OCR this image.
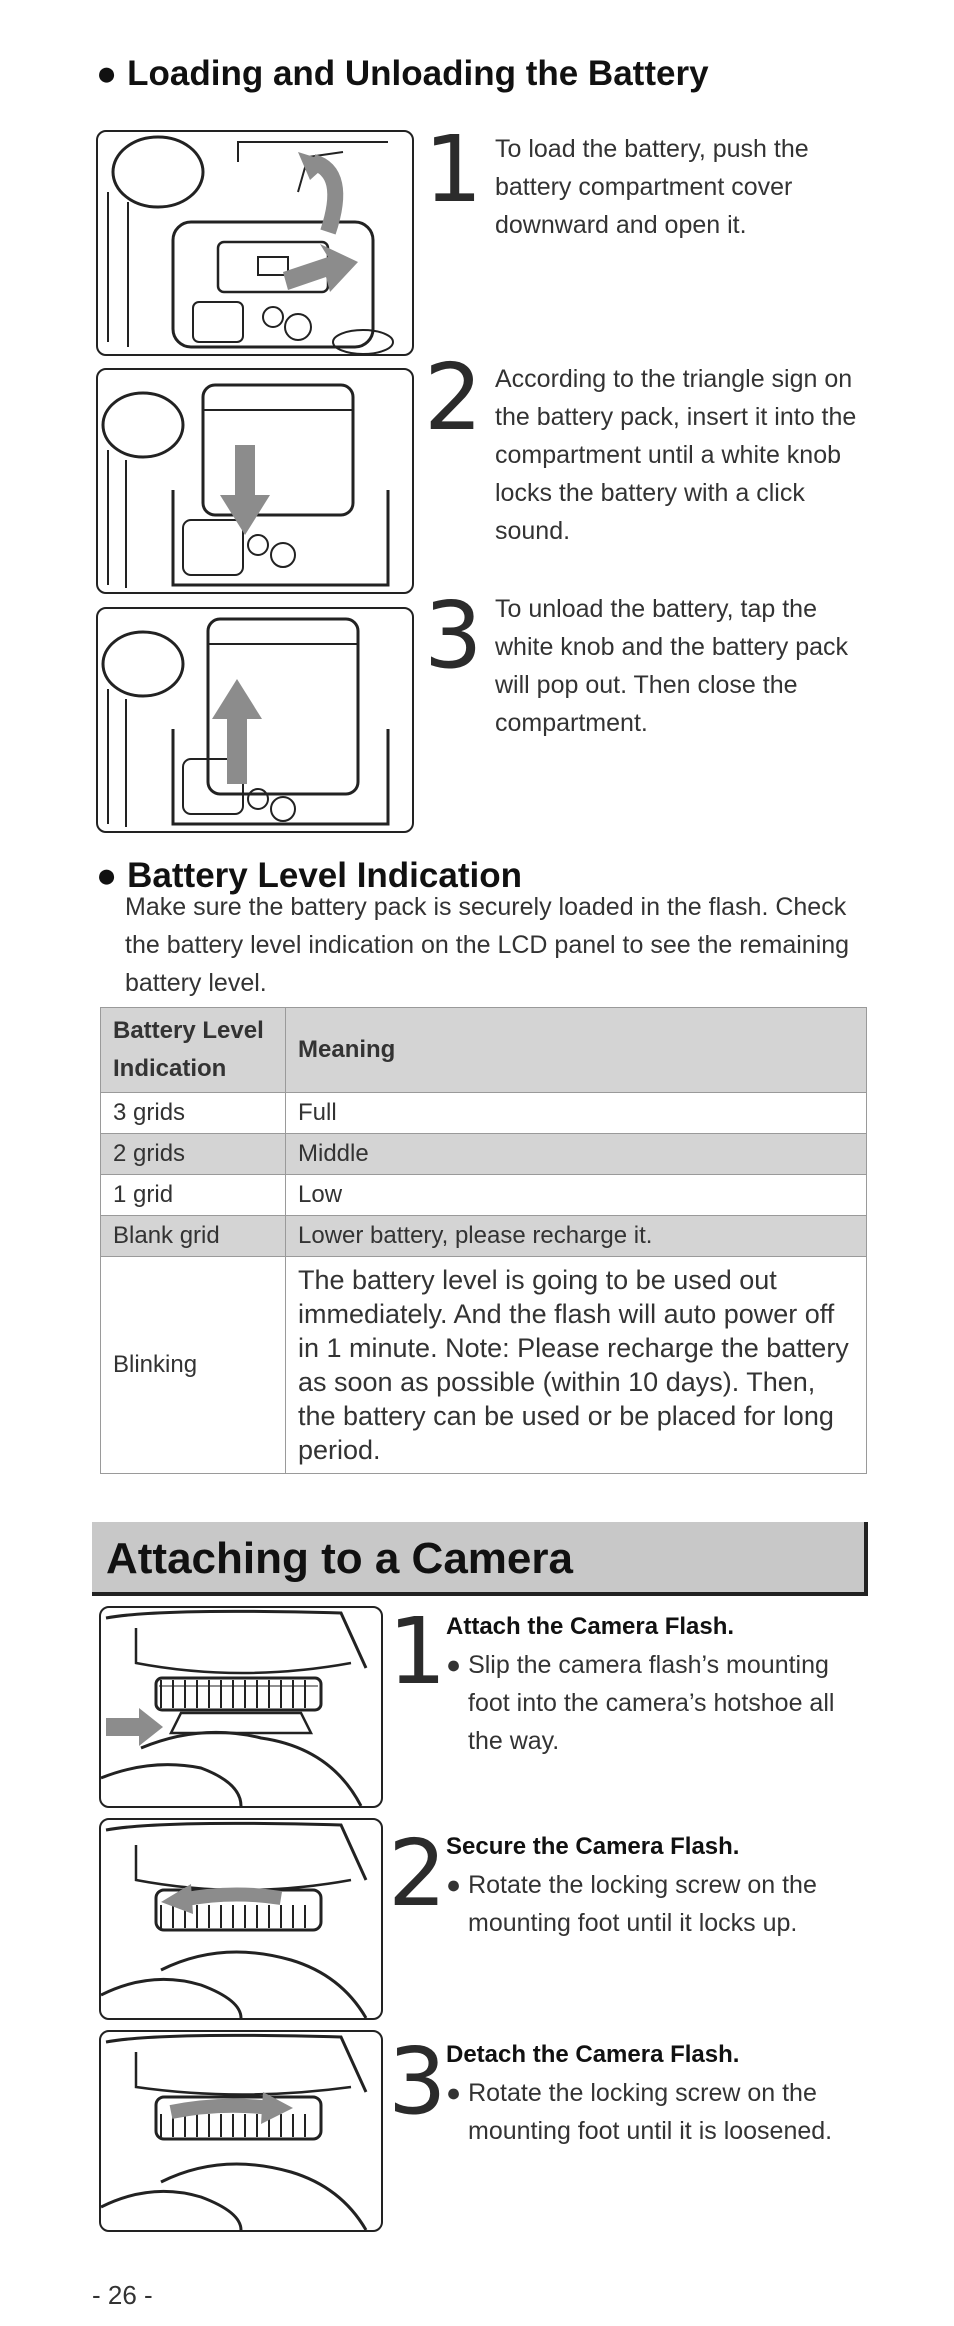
● Loading and Unloading the Battery
1 To load the battery, push the battery compartment cover downward and open it.
2 According to the triangle sign on the battery pack, insert it into the compartment until a white knob locks the battery with a click sound.
3 To unload the battery, tap the white knob and the battery pack will pop out. Then close the compartment.
● Battery Level Indication
Make sure the battery pack is securely loaded in the flash. Check the battery level indication on the LCD panel to see the remaining battery level.
Battery Level Indication	Meaning
3 grids	Full
2 grids	Middle
1 grid	Low
Blank grid	Lower battery, please recharge it.
Blinking	The battery level is going to be used out immediately. And the flash will auto power off in 1 minute. Note: Please recharge the battery as soon as possible (within 10 days). Then, the battery can be used or be placed for long period.
Attaching to a Camera
1 Attach the Camera Flash.
● Slip the camera flash’s mounting foot into the camera’s hotshoe all the way.
2 Secure the Camera Flash.
● Rotate the locking screw on the mounting foot until it locks up.
3 Detach the Camera Flash.
● Rotate the locking screw on the mounting foot until it is loosened.
- 26 -
